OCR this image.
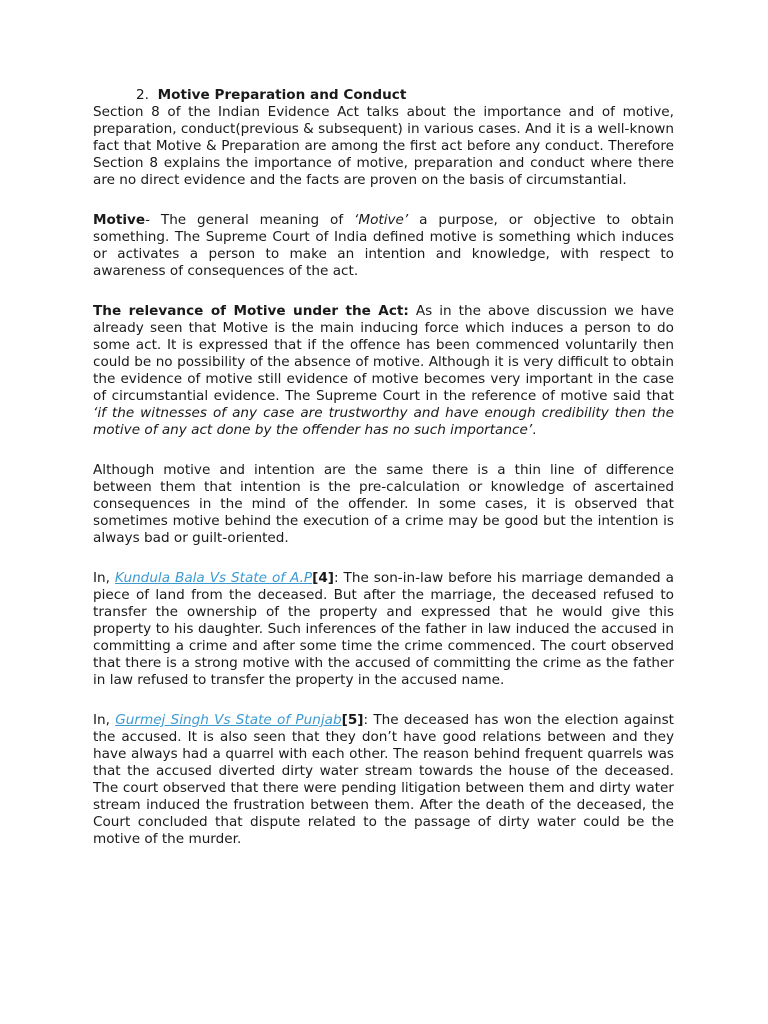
2. Motive Preparation and Conduct

Section 8 of the Indian Evidence Act talks about the importance and of motive, preparation, conduct(previous & subsequent) in various cases. And it is a well-known fact that Motive & Preparation are among the first act before any conduct. Therefore Section 8 explains the importance of motive, preparation and conduct where there are no direct evidence and the facts are proven on the basis of circumstantial.

Motive- The general meaning of ‘Motive’ a purpose, or objective to obtain something. The Supreme Court of India defined motive is something which induces or activates a person to make an intention and knowledge, with respect to awareness of consequences of the act.

The relevance of Motive under the Act: As in the above discussion we have already seen that Motive is the main inducing force which induces a person to do some act. It is expressed that if the offence has been commenced voluntarily then could be no possibility of the absence of motive. Although it is very difficult to obtain the evidence of motive still evidence of motive becomes very important in the case of circumstantial evidence. The Supreme Court in the reference of motive said that ‘if the witnesses of any case are trustworthy and have enough credibility then the motive of any act done by the offender has no such importance’.

Although motive and intention are the same there is a thin line of difference between them that intention is the pre-calculation or knowledge of ascertained consequences in the mind of the offender. In some cases, it is observed that sometimes motive behind the execution of a crime may be good but the intention is always bad or guilt-oriented.

In, Kundula Bala Vs State of A.P[4]: The son-in-law before his marriage demanded a piece of land from the deceased. But after the marriage, the deceased refused to transfer the ownership of the property and expressed that he would give this property to his daughter. Such inferences of the father in law induced the accused in committing a crime and after some time the crime commenced. The court observed that there is a strong motive with the accused of committing the crime as the father in law refused to transfer the property in the accused name.

In, Gurmej Singh Vs State of Punjab[5]: The deceased has won the election against the accused. It is also seen that they don’t have good relations between and they have always had a quarrel with each other. The reason behind frequent quarrels was that the accused diverted dirty water stream towards the house of the deceased. The court observed that there were pending litigation between them and dirty water stream induced the frustration between them. After the death of the deceased, the Court concluded that dispute related to the passage of dirty water could be the motive of the murder.
